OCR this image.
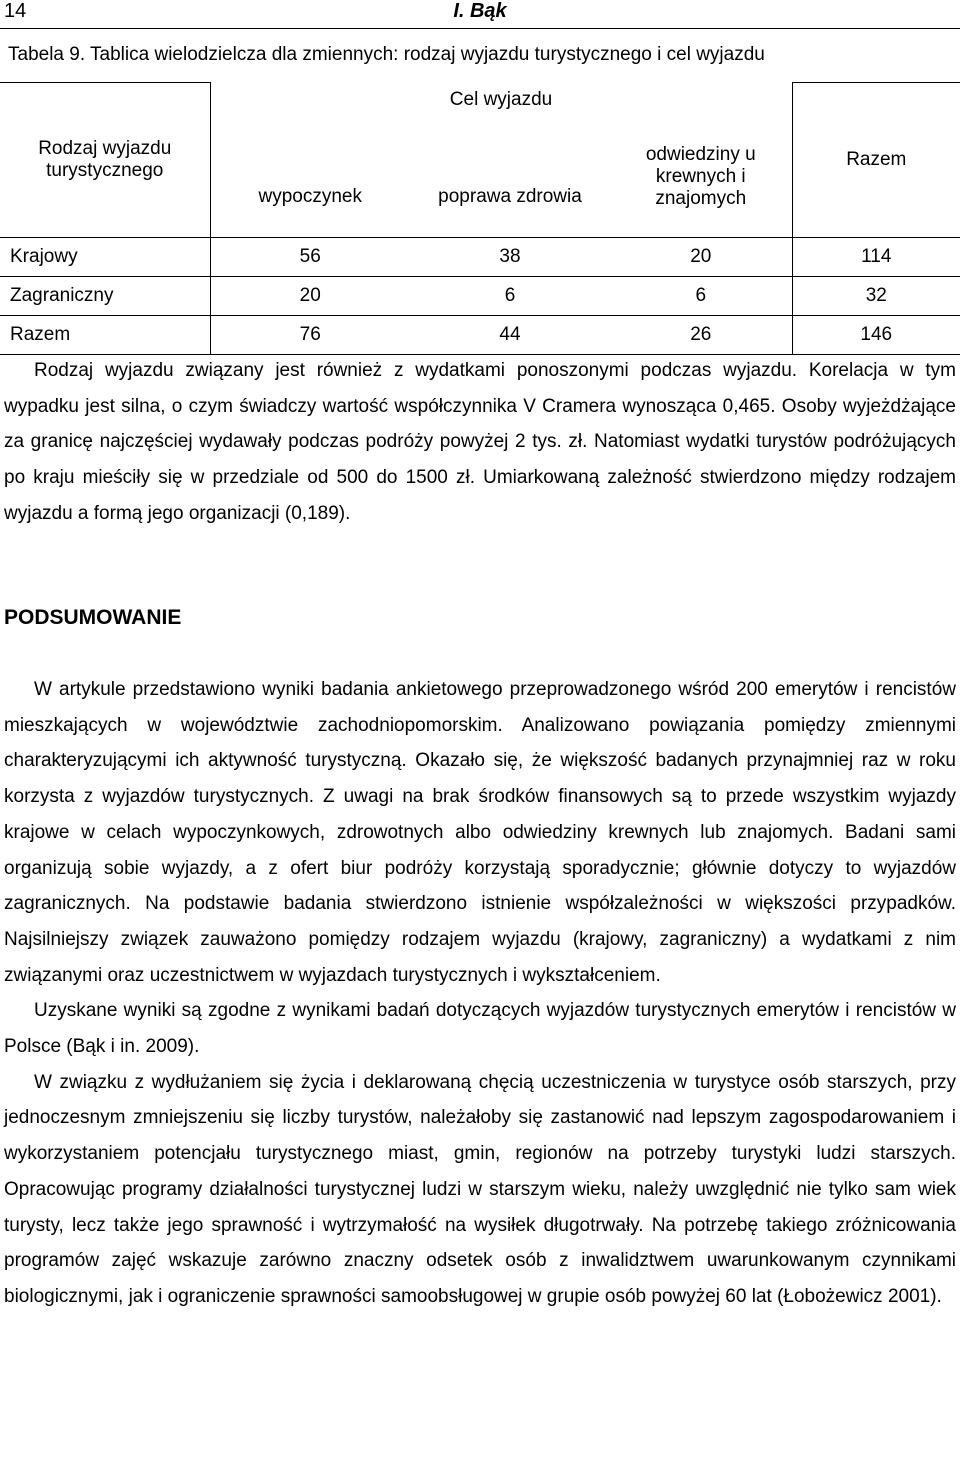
14	I. Bąk
Tabela 9. Tablica wielodzielcza dla zmiennych: rodzaj wyjazdu turystycznego i cel wyjazdu
Rodzaj wyjazdu turystycznego	Cel wyjazdu			Razem
	wypoczynek	poprawa zdrowia	odwiedziny u krewnych i znajomych	
Krajowy	56	38	20	114
Zagraniczny	20	6	6	32
Razem	76	44	26	146

Rodzaj wyjazdu związany jest również z wydatkami ponoszonymi podczas wyjazdu. Korelacja w tym wypadku jest silna, o czym świadczy wartość współczynnika V Cramera wynosząca 0,465. Osoby wyjeżdżające za granicę najczęściej wydawały podczas podróży powyżej 2 tys. zł. Natomiast wydatki turystów podróżujących po kraju mieściły się w przedziale od 500 do 1500 zł. Umiarkowaną zależność stwierdzono między rodzajem wyjazdu a formą jego organizacji (0,189).

PODSUMOWANIE

W artykule przedstawiono wyniki badania ankietowego przeprowadzonego wśród 200 emerytów i rencistów mieszkających w województwie zachodniopomorskim. Analizowano powiązania pomiędzy zmiennymi charakteryzującymi ich aktywność turystyczną. Okazało się, że większość badanych przynajmniej raz w roku korzysta z wyjazdów turystycznych. Z uwagi na brak środków finansowych są to przede wszystkim wyjazdy krajowe w celach wypoczynkowych, zdrowotnych albo odwiedziny krewnych lub znajomych. Badani sami organizują sobie wyjazdy, a z ofert biur podróży korzystają sporadycznie; głównie dotyczy to wyjazdów zagranicznych. Na podstawie badania stwierdzono istnienie współzależności w większości przypadków. Najsilniejszy związek zauważono pomiędzy rodzajem wyjazdu (krajowy, zagraniczny) a wydatkami z nim związanymi oraz uczestnictwem w wyjazdach turystycznych i wykształceniem.

Uzyskane wyniki są zgodne z wynikami badań dotyczących wyjazdów turystycznych emerytów i rencistów w Polsce (Bąk i in. 2009).

W związku z wydłużaniem się życia i deklarowaną chęcią uczestniczenia w turystyce osób starszych, przy jednoczesnym zmniejszeniu się liczby turystów, należałoby się zastanowić nad lepszym zagospodarowaniem i wykorzystaniem potencjału turystycznego miast, gmin, regionów na potrzeby turystyki ludzi starszych. Opracowując programy działalności turystycznej ludzi w starszym wieku, należy uwzględnić nie tylko sam wiek turysty, lecz także jego sprawność i wytrzymałość na wysiłek długotrwały. Na potrzebę takiego zróżnicowania programów zajęć wskazuje zarówno znaczny odsetek osób z inwalidztwem uwarunkowanym czynnikami biologicznymi, jak i ograniczenie sprawności samoobsługowej w grupie osób powyżej 60 lat (Łobożewicz 2001).
